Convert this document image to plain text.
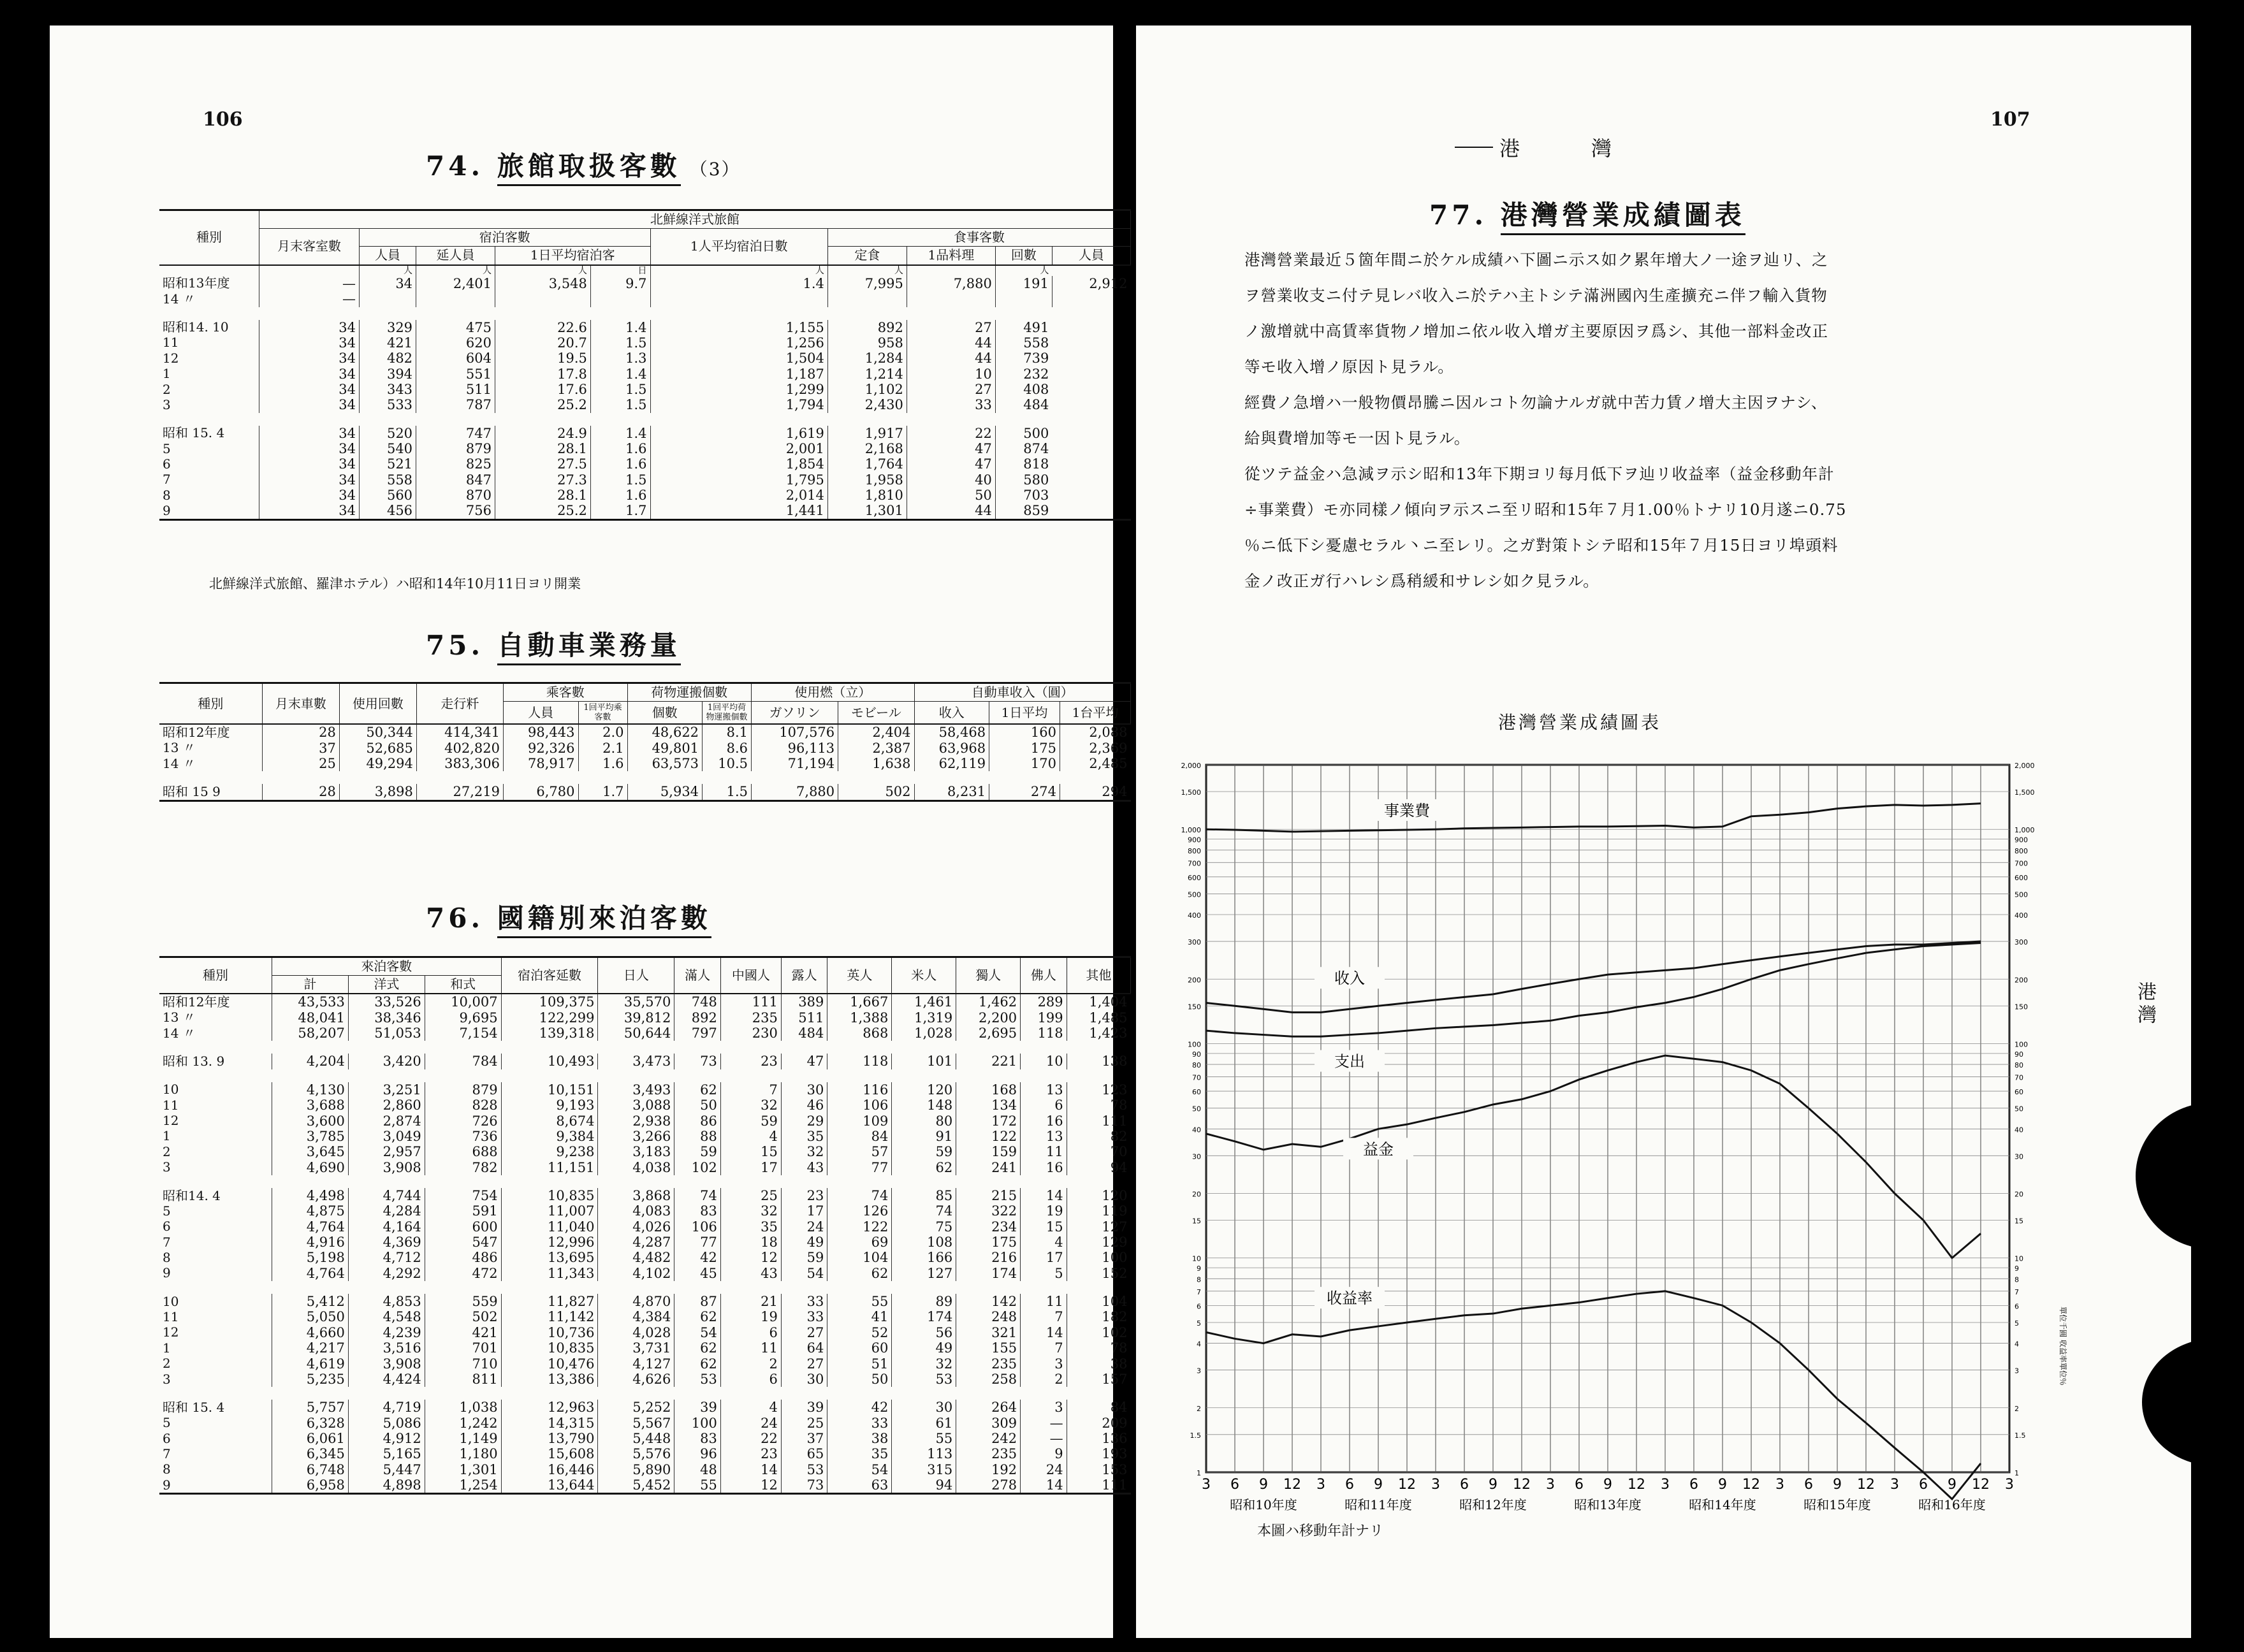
106
74. 旅館取扱客數 （3）
種別	北鮮線洋式旅館									
	月末客室數	宿泊客數				1人平均宿泊日數	食事客數			
		人員	延人員	1日平均宿泊客			定食	1品料理	回數	人員
		人	人	人	日	人	人		人	
昭和13年度	—	34	2,401	3,548	9.7	1.4	7,995	7,880	191	2,912
14 〃	—									

昭和14. 10	34	329	475	22.6	1.4	1,155	892	27	491	
11	34	421	620	20.7	1.5	1,256	958	44	558	
12	34	482	604	19.5	1.3	1,504	1,284	44	739	
1	34	394	551	17.8	1.4	1,187	1,214	10	232	
2	34	343	511	17.6	1.5	1,299	1,102	27	408	
3	34	533	787	25.2	1.5	1,794	2,430	33	484	

昭和 15. 4	34	520	747	24.9	1.4	1,619	1,917	22	500	
5	34	540	879	28.1	1.6	2,001	2,168	47	874	
6	34	521	825	27.5	1.6	1,854	1,764	47	818	
7	34	558	847	27.3	1.5	1,795	1,958	40	580	
8	34	560	870	28.1	1.6	2,014	1,810	50	703	
9	34	456	756	25.2	1.7	1,441	1,301	44	859	
北鮮線洋式旅館、羅津ホテル）ハ昭和14年10月11日ヨリ開業
75. 自動車業務量
種別	月末車數	使用回數	走行粁	乘客數		荷物運搬個數		使用燃（立）		自動車收入（圓）		
				人員	1回平均乘客數	個數	1回平均荷物運搬個數	ガソリン	モビール	收入	1日平均	1台平均
昭和12年度	28	50,344	414,341	98,443	2.0	48,622	8.1	107,576	2,404	58,468	160	2,088
13 〃	37	52,685	402,820	92,326	2.1	49,801	8.6	96,113	2,387	63,968	175	2,369
14 〃	25	49,294	383,306	78,917	1.6	63,573	10.5	71,194	1,638	62,119	170	2,485

昭和 15 9	28	3,898	27,219	6,780	1.7	5,934	1.5	7,880	502	8,231	274	294
76. 國籍別來泊客數
種別	來泊客數			宿泊客延數	日人	滿人	中國人	露人	英人	米人	獨人	佛人	其他
	計	洋式	和式										
昭和12年度	43,533	33,526	10,007	109,375	35,570	748	111	389	1,667	1,461	1,462	289	1,404
13 〃	48,041	38,346	9,695	122,299	39,812	892	235	511	1,388	1,319	2,200	199	1,485
14 〃	58,207	51,053	7,154	139,318	50,644	797	230	484	868	1,028	2,695	118	1,423

昭和 13. 9	4,204	3,420	784	10,493	3,473	73	23	47	118	101	221	10	138

10	4,130	3,251	879	10,151	3,493	62	7	30	116	120	168	13	123
11	3,688	2,860	828	9,193	3,088	50	32	46	106	148	134	6	78
12	3,600	2,874	726	8,674	2,938	86	59	29	109	80	172	16	111
1	3,785	3,049	736	9,384	3,266	88	4	35	84	91	122	13	82
2	3,645	2,957	688	9,238	3,183	59	15	32	57	59	159	11	70
3	4,690	3,908	782	11,151	4,038	102	17	43	77	62	241	16	94

昭和14. 4	4,498	4,744	754	10,835	3,868	74	25	23	74	85	215	14	120
5	4,875	4,284	591	11,007	4,083	83	32	17	126	74	322	19	119
6	4,764	4,164	600	11,040	4,026	106	35	24	122	75	234	15	127
7	4,916	4,369	547	12,996	4,287	77	18	49	69	108	175	4	129
8	5,198	4,712	486	13,695	4,482	42	12	59	104	166	216	17	100
9	4,764	4,292	472	11,343	4,102	45	43	54	62	127	174	5	152

10	5,412	4,853	559	11,827	4,870	87	21	33	55	89	142	11	104
11	5,050	4,548	502	11,142	4,384	62	19	33	41	174	248	7	182
12	4,660	4,239	421	10,736	4,028	54	6	27	52	56	321	14	102
1	4,217	3,516	701	10,835	3,731	62	11	64	60	49	155	7	78
2	4,619	3,908	710	10,476	4,127	62	2	27	51	32	235	3	38
3	5,235	4,424	811	13,386	4,626	53	6	30	50	53	258	2	157

昭和 15. 4	5,757	4,719	1,038	12,963	5,252	39	4	39	42	30	264	3	84
5	6,328	5,086	1,242	14,315	5,567	100	24	25	33	61	309	—	209
6	6,061	4,912	1,149	13,790	5,448	83	22	37	38	55	242	—	136
7	6,345	5,165	1,180	15,608	5,576	96	23	65	35	113	235	9	193
8	6,748	5,447	1,301	16,446	5,890	48	14	53	54	315	192	24	153
9	6,958	4,898	1,254	13,644	5,452	55	12	73	63	94	278	14	111
107
港　灣
77. 港灣營業成績圖表
港灣營業最近５箇年間ニ於ケル成績ハ下圖ニ示ス如ク累年增大ノ一途ヲ辿リ、之
ヲ營業收支ニ付テ見レバ收入ニ於テハ主トシテ滿洲國內生產擴充ニ伴フ輸入貨物
ノ激增就中高賃率貨物ノ增加ニ依ル收入增ガ主要原因ヲ爲シ、其他一部料金改正
等モ收入增ノ原因ト見ラル。
經費ノ急增ハ一般物價昂騰ニ因ルコト勿論ナルガ就中苦力賃ノ增大主因ヲナシ、
給與費增加等モ一因ト見ラル。
從ツテ益金ハ急減ヲ示シ昭和13年下期ヨリ每月低下ヲ辿リ收益率（益金移動年計
÷事業費）モ亦同樣ノ傾向ヲ示スニ至リ昭和15年７月1.00％トナリ10月遂ニ0.75
％ニ低下シ憂慮セラル丶ニ至レリ。之ガ對策トシテ昭和15年７月15日ヨリ埠頭料
金ノ改正ガ行ハレシ爲稍緩和サレシ如ク見ラル。
港灣營業成績圖表
3 6 9 12 3 6 9 12 3 6 9 12 3 6 9 12 3 6 9 12 3 6 9 12 3 6 9 12 3
昭和10年度	昭和11年度	昭和12年度	昭和13年度	昭和14年度	昭和15年度	昭和16年度
2,000
1,500
1,000
900
800
700
600
500
400
300
200
150
100
90
80
70
60
50
40
30
20
15
10
9
8
7
6
5
4
3
2
1.5
1
2,000
1,500
1,000
900
800
700
600
500
400
300
200
150
100
90
80
70
60
50
40
30
20
15
10
9
8
7
6
5
4
3
2
1.5
1
單位千圓 收益率單位％
事業費
收入
支出
益金
收益率
本圖ハ移動年計ナリ
港灣
